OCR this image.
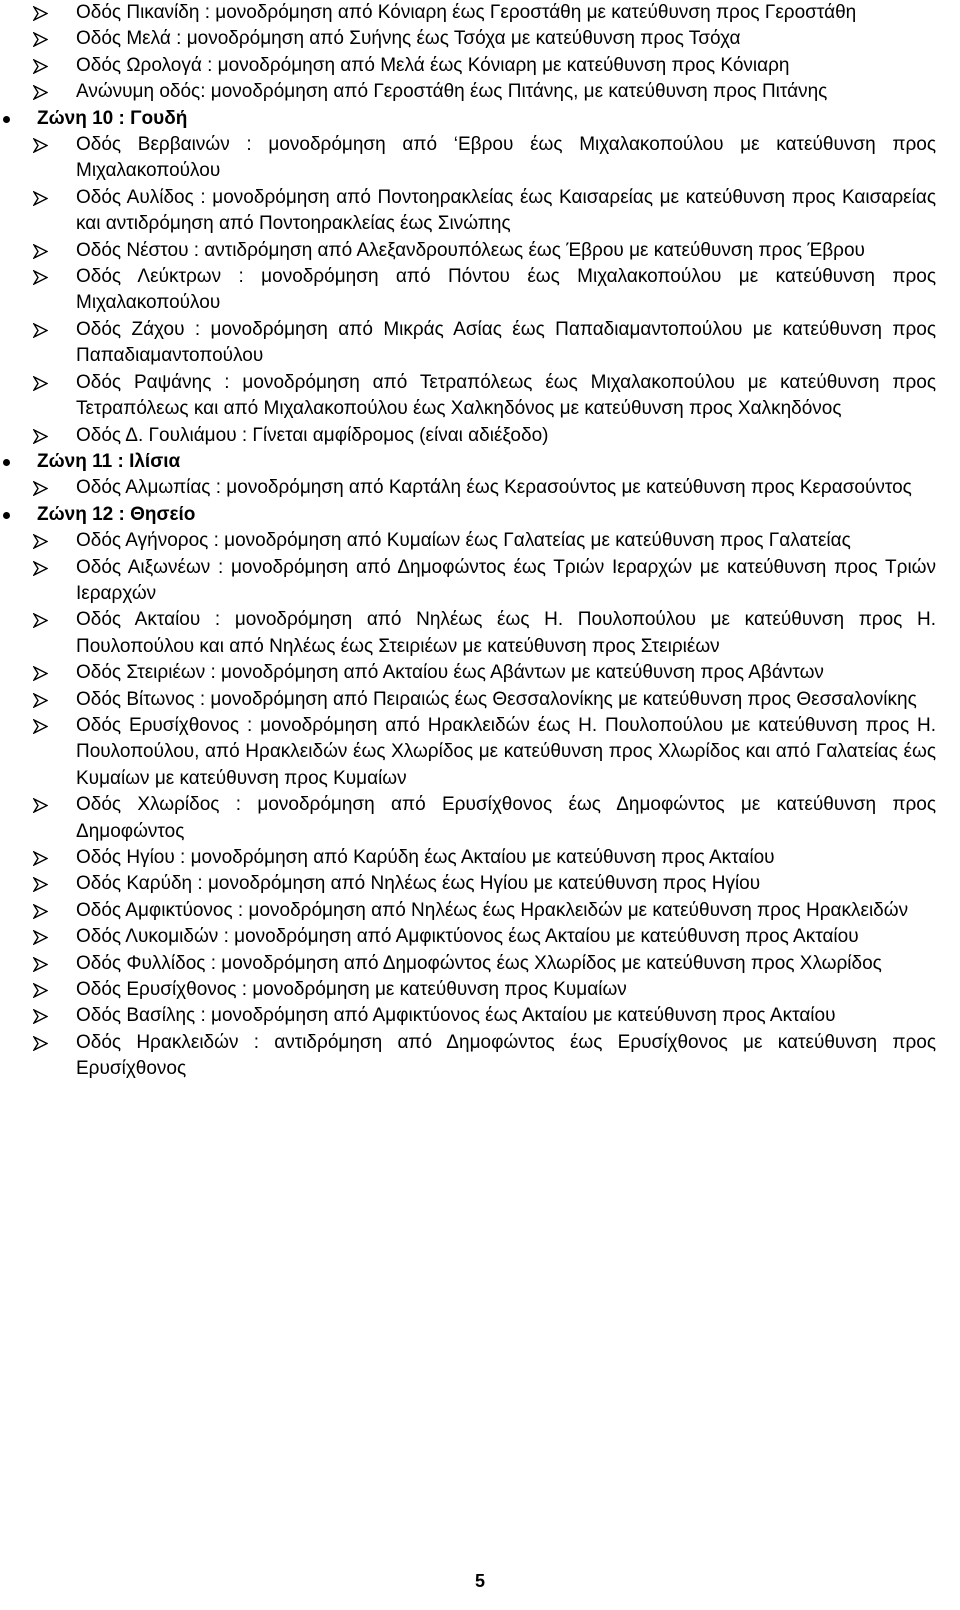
Οδός Πικανίδη : μονοδρόμηση από Κόνιαρη έως Γεροστάθη με κατεύθυνση προς Γεροστάθη
Οδός Μελά : μονοδρόμηση από Συήνης έως Τσόχα με κατεύθυνση προς Τσόχα
Οδός Ωρολογά : μονοδρόμηση από Μελά έως Κόνιαρη με κατεύθυνση προς Κόνιαρη
Ανώνυμη οδός: μονοδρόμηση από Γεροστάθη έως Πιτάνης, με κατεύθυνση προς Πιτάνης
Ζώνη 10 : Γουδή
Οδός Βερβαινών : μονοδρόμηση από ‘Εβρου έως Μιχαλακοπούλου με κατεύθυνση προς Μιχαλακοπούλου
Οδός Αυλίδος : μονοδρόμηση από Ποντοηρακλείας έως Καισαρείας με κατεύθυνση προς Καισαρείας και αντιδρόμηση από Ποντοηρακλείας έως Σινώπης
Οδός Νέστου : αντιδρόμηση από Αλεξανδρουπόλεως έως Έβρου με κατεύθυνση προς Έβρου
Οδός Λεύκτρων : μονοδρόμηση από Πόντου έως Μιχαλακοπούλου με κατεύθυνση προς Μιχαλακοπούλου
Οδός Ζάχου : μονοδρόμηση από Μικράς Ασίας έως Παπαδιαμαντοπούλου με κατεύθυνση προς Παπαδιαμαντοπούλου
Οδός Ραψάνης : μονοδρόμηση από Τετραπόλεως έως Μιχαλακοπούλου με κατεύθυνση προς Τετραπόλεως και από Μιχαλακοπούλου έως Χαλκηδόνος με κατεύθυνση προς Χαλκηδόνος
Οδός Δ. Γουλιάμου : Γίνεται αμφίδρομος (είναι αδιέξοδο)
Ζώνη 11 : Ιλίσια
Οδός Αλμωπίας : μονοδρόμηση από Καρτάλη έως Κερασούντος με κατεύθυνση προς Κερασούντος
Ζώνη 12 : Θησείο
Οδός Αγήνορος : μονοδρόμηση από Κυμαίων έως Γαλατείας με κατεύθυνση προς Γαλατείας
Οδός Αιξωνέων : μονοδρόμηση από Δημοφώντος έως Τριών Ιεραρχών με κατεύθυνση προς Τριών Ιεραρχών
Οδός Ακταίου : μονοδρόμηση από Νηλέως έως Η. Πουλοπούλου με κατεύθυνση προς Η. Πουλοπούλου και από Νηλέως έως Στειριέων με κατεύθυνση προς Στειριέων
Οδός Στειριέων : μονοδρόμηση από Ακταίου έως Αβάντων με κατεύθυνση προς Αβάντων
Οδός Βίτωνος : μονοδρόμηση από Πειραιώς έως Θεσσαλονίκης με κατεύθυνση προς Θεσσαλονίκης
Οδός Ερυσίχθονος : μονοδρόμηση από Ηρακλειδών έως Η. Πουλοπούλου με κατεύθυνση προς Η. Πουλοπούλου, από Ηρακλειδών έως Χλωρίδος με κατεύθυνση προς Χλωρίδος και από Γαλατείας έως Κυμαίων με κατεύθυνση προς Κυμαίων
Οδός Χλωρίδος : μονοδρόμηση από Ερυσίχθονος έως Δημοφώντος με κατεύθυνση προς Δημοφώντος
Οδός Ηγίου : μονοδρόμηση από Καρύδη έως Ακταίου με κατεύθυνση προς Ακταίου
Οδός Καρύδη : μονοδρόμηση από Νηλέως έως Ηγίου με κατεύθυνση προς Ηγίου
Οδός Αμφικτύονος : μονοδρόμηση από Νηλέως έως Ηρακλειδών με κατεύθυνση προς Ηρακλειδών
Οδός Λυκομιδών : μονοδρόμηση από Αμφικτύονος έως Ακταίου με κατεύθυνση προς Ακταίου
Οδός Φυλλίδος : μονοδρόμηση από Δημοφώντος έως Χλωρίδος με κατεύθυνση προς Χλωρίδος
Οδός Ερυσίχθονος : μονοδρόμηση με κατεύθυνση προς Κυμαίων
Οδός Βασίλης : μονοδρόμηση από Αμφικτύονος έως Ακταίου με κατεύθυνση προς Ακταίου
Οδός Ηρακλειδών : αντιδρόμηση από Δημοφώντος έως Ερυσίχθονος με κατεύθυνση προς Ερυσίχθονος
5
